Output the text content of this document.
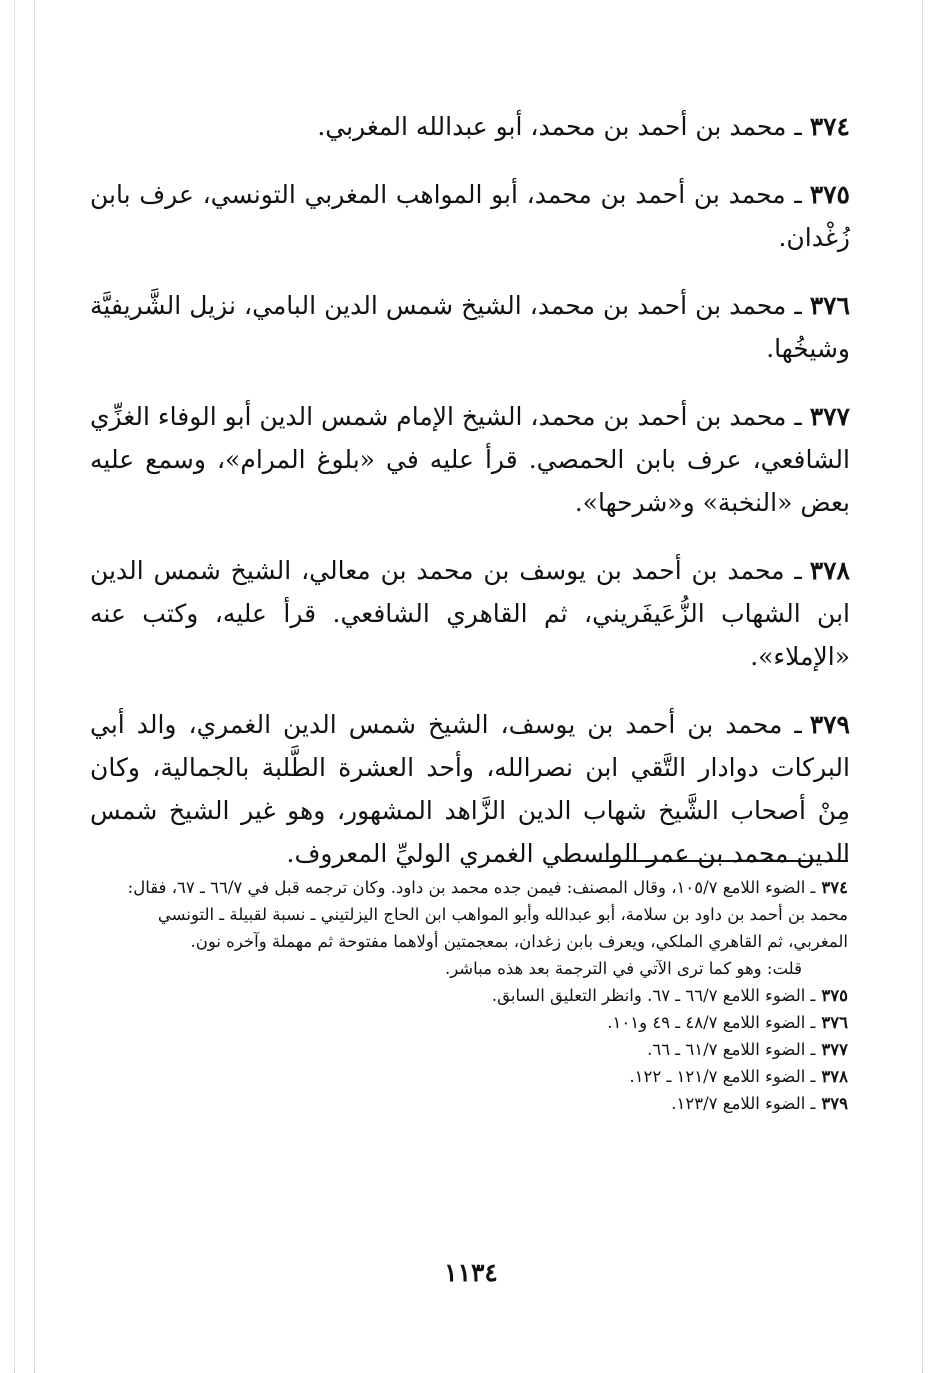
٣٧٤ـ محمد بن أحمد بن محمد، أبو عبدالله المغربي.

٣٧٥ـ محمد بن أحمد بن محمد، أبو المواهب المغربي التونسي، عرف بابن زُغْدان.

٣٧٦ـ محمد بن أحمد بن محمد، الشيخ شمس الدين البامي، نزيل الشَّريفيَّة وشيخُها.

٣٧٧ـ محمد بن أحمد بن محمد، الشيخ الإمام شمس الدين أبو الوفاء الغزِّي الشافعي، عرف بابن الحمصي. قرأ عليه في «بلوغ المرام»، وسمع عليه بعض «النخبة» و«شرحها».

٣٧٨ـ محمد بن أحمد بن يوسف بن محمد بن معالي، الشيخ شمس الدين ابن الشهاب الزُّعَيفَريني، ثم القاهري الشافعي. قرأ عليه، وكتب عنه «الإملاء».

٣٧٩ـ محمد بن أحمد بن يوسف، الشيخ شمس الدين الغمري، والد أبي البركات دوادار التَّقي ابن نصرالله، وأحد العشرة الطَّلبة بالجمالية، وكان مِنْ أصحاب الشَّيخ شهاب الدين الزَّاهد المشهور، وهو غير الشيخ شمس الدين محمد بن عمر الواسطي الغمري الوليِّ المعروف.

٣٧٤ـ الضوء اللامع ١٠٥/٧، وقال المصنف: فيمن جده محمد بن داود. وكان ترجمه قبل في ٦٦/٧ ـ ٦٧، فقال: محمد بن أحمد بن داود بن سلامة، أبو عبدالله وأبو المواهب ابن الحاج اليزلتيني ـ نسبة لقبيلة ـ التونسي المغربي، ثم القاهري الملكي، ويعرف بابن زغدان، بمعجمتين أولاهما مفتوحة ثم مهملة وآخره نون.

قلت: وهو كما ترى الآتي في الترجمة بعد هذه مباشر.

٣٧٥ـ الضوء اللامع ٦٦/٧ ـ ٦٧. وانظر التعليق السابق.

٣٧٦ـ الضوء اللامع ٤٨/٧ ـ ٤٩ و١٠١.

٣٧٧ـ الضوء اللامع ٦١/٧ ـ ٦٦.

٣٧٨ـ الضوء اللامع ١٢١/٧ ـ ١٢٢.

٣٧٩ـ الضوء اللامع ١٢٣/٧.

١١٣٤
